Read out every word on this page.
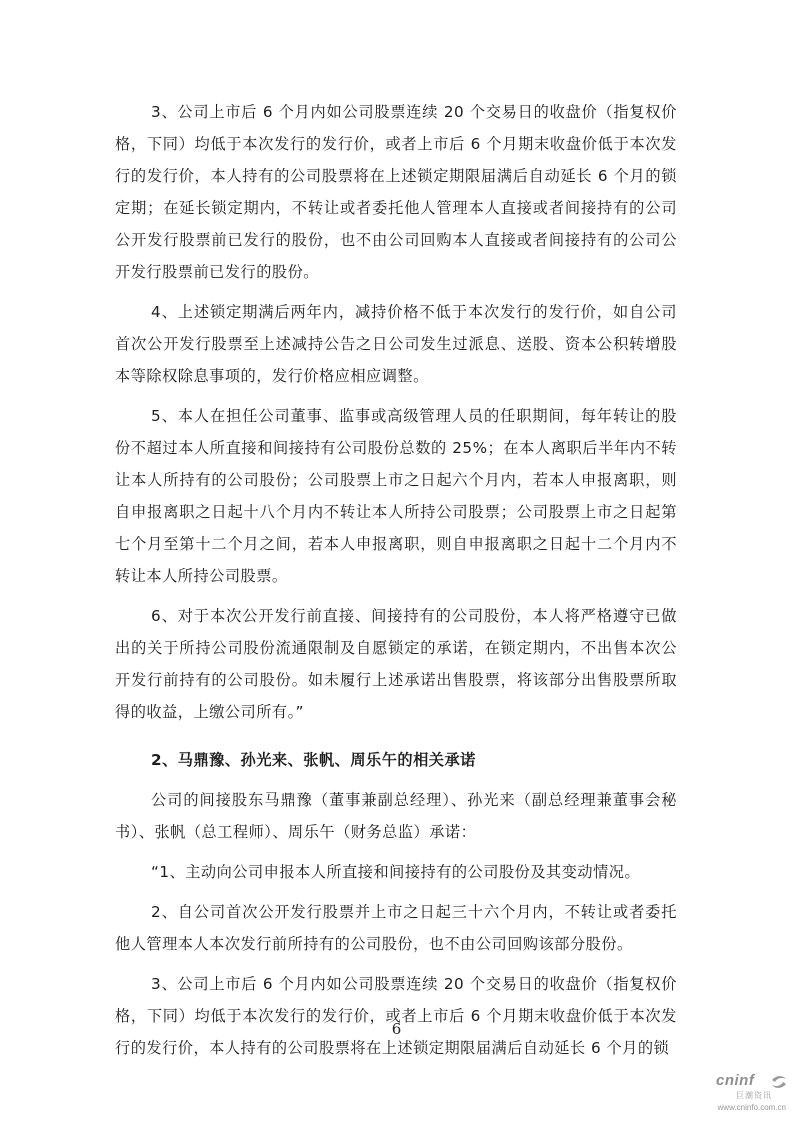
3、公司上市后 6 个月内如公司股票连续 20 个交易日的收盘价（指复权价格，下同）均低于本次发行的发行价，或者上市后 6 个月期末收盘价低于本次发行的发行价，本人持有的公司股票将在上述锁定期限届满后自动延长 6 个月的锁定期；在延长锁定期内，不转让或者委托他人管理本人直接或者间接持有的公司公开发行股票前已发行的股份，也不由公司回购本人直接或者间接持有的公司公开发行股票前已发行的股份。

4、上述锁定期满后两年内，减持价格不低于本次发行的发行价，如自公司首次公开发行股票至上述减持公告之日公司发生过派息、送股、资本公积转增股本等除权除息事项的，发行价格应相应调整。

5、本人在担任公司董事、监事或高级管理人员的任职期间，每年转让的股份不超过本人所直接和间接持有公司股份总数的 25%；在本人离职后半年内不转让本人所持有的公司股份；公司股票上市之日起六个月内，若本人申报离职，则自申报离职之日起十八个月内不转让本人所持公司股票；公司股票上市之日起第七个月至第十二个月之间，若本人申报离职，则自申报离职之日起十二个月内不转让本人所持公司股票。

6、对于本次公开发行前直接、间接持有的公司股份，本人将严格遵守已做出的关于所持公司股份流通限制及自愿锁定的承诺，在锁定期内，不出售本次公开发行前持有的公司股份。如未履行上述承诺出售股票，将该部分出售股票所取得的收益，上缴公司所有。”

2、马鼎豫、孙光来、张帆、周乐午的相关承诺

公司的间接股东马鼎豫（董事兼副总经理）、孙光来（副总经理兼董事会秘书）、张帆（总工程师）、周乐午（财务总监）承诺：

“1、主动向公司申报本人所直接和间接持有的公司股份及其变动情况。

2、自公司首次公开发行股票并上市之日起三十六个月内，不转让或者委托他人管理本人本次发行前所持有的公司股份，也不由公司回购该部分股份。

3、公司上市后 6 个月内如公司股票连续 20 个交易日的收盘价（指复权价格，下同）均低于本次发行的发行价，或者上市后 6 个月期末收盘价低于本次发行的发行价，本人持有的公司股票将在上述锁定期限届满后自动延长 6 个月的锁

6
cninf
巨潮资讯
www.cninfo.com.cn
